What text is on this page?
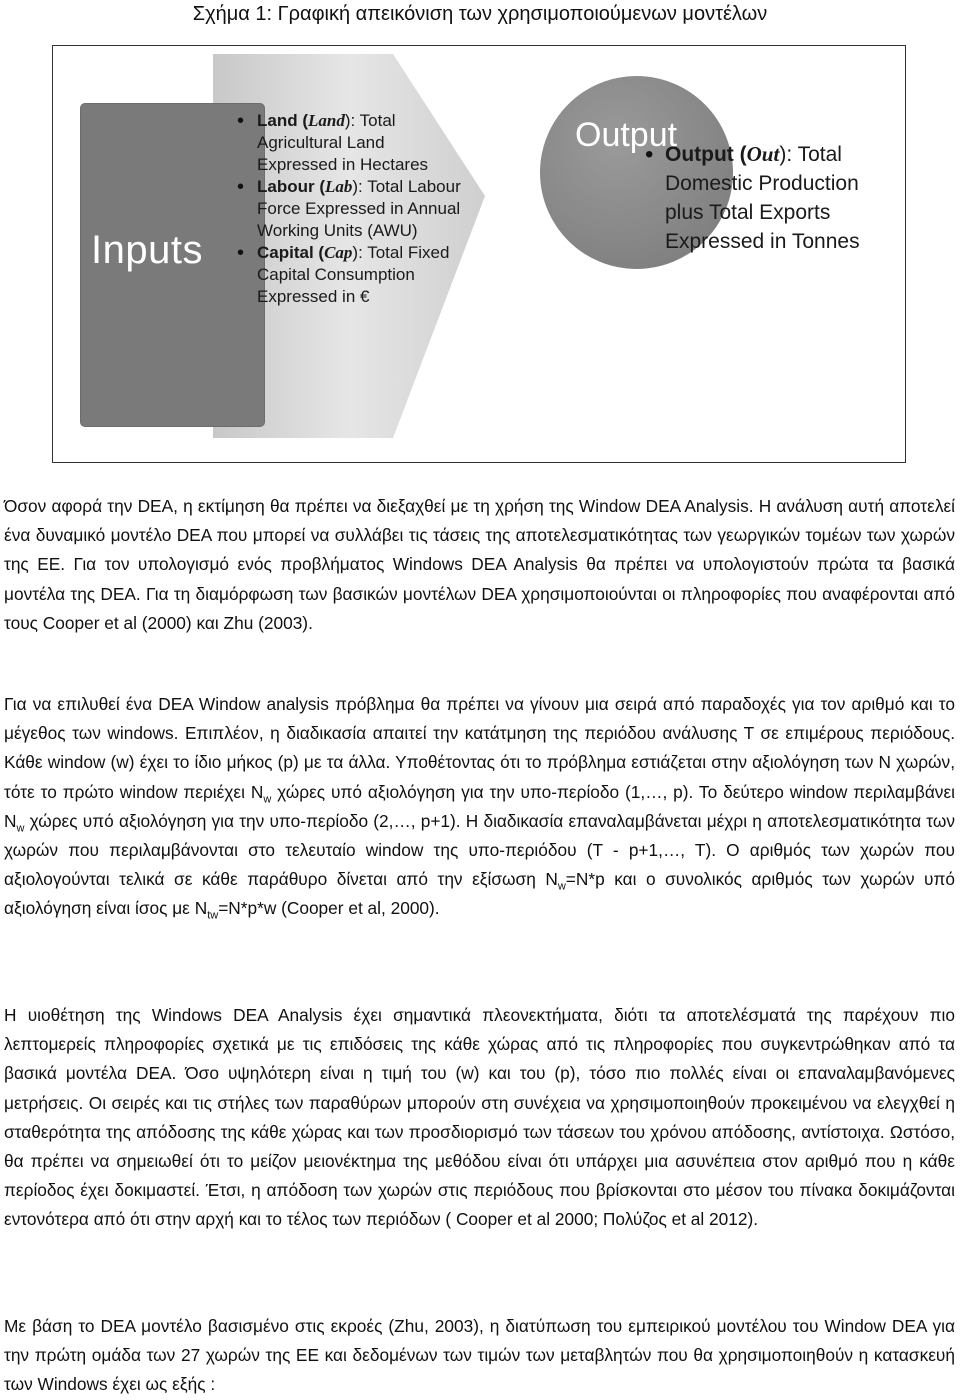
Σχήμα 1: Γραφική απεικόνιση των χρησιμοποιούμενων μοντέλων
Inputs
• Land (Land): Total Agricultural Land Expressed in Hectares
• Labour (Lab): Total Labour Force Expressed in Annual Working Units (AWU)
• Capital (Cap): Total Fixed Capital Consumption Expressed in €
Output
• Output (Out): Total Domestic Production plus Total Exports Expressed in Tonnes

Όσον αφορά την DEA, η εκτίμηση θα πρέπει να διεξαχθεί με τη χρήση της Window DEA Analysis. Η ανάλυση αυτή αποτελεί ένα δυναμικό μοντέλο DEA που μπορεί να συλλάβει τις τάσεις της αποτελεσματικότητας των γεωργικών τομέων των χωρών της ΕΕ. Για τον υπολογισμό ενός προβλήματος Windows DEA Analysis θα πρέπει να υπολογιστούν πρώτα τα βασικά μοντέλα της DEA. Για τη διαμόρφωση των βασικών μοντέλων DEA χρησιμοποιούνται οι πληροφορίες που αναφέρονται από τους Cooper et al (2000) και Zhu (2003).

Για να επιλυθεί ένα DEA Window analysis πρόβλημα θα πρέπει να γίνουν μια σειρά από παραδοχές για τον αριθμό και το μέγεθος των windows. Επιπλέον, η διαδικασία απαιτεί την κατάτμηση της περιόδου ανάλυσης Τ σε επιμέρους περιόδους. Κάθε window (w) έχει το ίδιο μήκος (p) με τα άλλα. Υποθέτοντας ότι το πρόβλημα εστιάζεται στην αξιολόγηση των Ν χωρών, τότε το πρώτο window περιέχει $N_w$ χώρες υπό αξιολόγηση για την υπο-περίοδο (1,…, p). Το δεύτερο window περιλαμβάνει $N_w$ χώρες υπό αξιολόγηση για την υπο-περίοδο (2,…, p+1). Η διαδικασία επαναλαμβάνεται μέχρι η αποτελεσματικότητα των χωρών που περιλαμβάνονται στο τελευταίο window της υπο-περιόδου (T - p+1,…, T). Ο αριθμός των χωρών που αξιολογούνται τελικά σε κάθε παράθυρο δίνεται από την εξίσωση $N_w=N*p$ και ο συνολικός αριθμός των χωρών υπό αξιολόγηση είναι ίσος με $N_{tw}=N*p*w$ (Cooper et al, 2000).

Η υιοθέτηση της Windows DEA Analysis έχει σημαντικά πλεονεκτήματα, διότι τα αποτελέσματά της παρέχουν πιο λεπτομερείς πληροφορίες σχετικά με τις επιδόσεις της κάθε χώρας από τις πληροφορίες που συγκεντρώθηκαν από τα βασικά μοντέλα DEA. Όσο υψηλότερη είναι η τιμή του (w) και του (p), τόσο πιο πολλές είναι οι επαναλαμβανόμενες μετρήσεις. Οι σειρές και τις στήλες των παραθύρων μπορούν στη συνέχεια να χρησιμοποιηθούν προκειμένου να ελεγχθεί η σταθερότητα της απόδοσης της κάθε χώρας και των προσδιορισμό των τάσεων του χρόνου απόδοσης, αντίστοιχα. Ωστόσο, θα πρέπει να σημειωθεί ότι το μείζον μειονέκτημα της μεθόδου είναι ότι υπάρχει μια ασυνέπεια στον αριθμό που η κάθε περίοδος έχει δοκιμαστεί. Έτσι, η απόδοση των χωρών στις περιόδους που βρίσκονται στο μέσον του πίνακα δοκιμάζονται εντονότερα από ότι στην αρχή και το τέλος των περιόδων ( Cooper et al 2000; Πολύζος et al 2012).

Με βάση το DEA μοντέλο βασισμένο στις εκροές (Zhu, 2003), η διατύπωση του εμπειρικού μοντέλου του Window DEA για την πρώτη ομάδα των 27 χωρών της ΕΕ και δεδομένων των τιμών των μεταβλητών που θα χρησιμοποιηθούν η κατασκευή των Windows έχει ως εξής :
